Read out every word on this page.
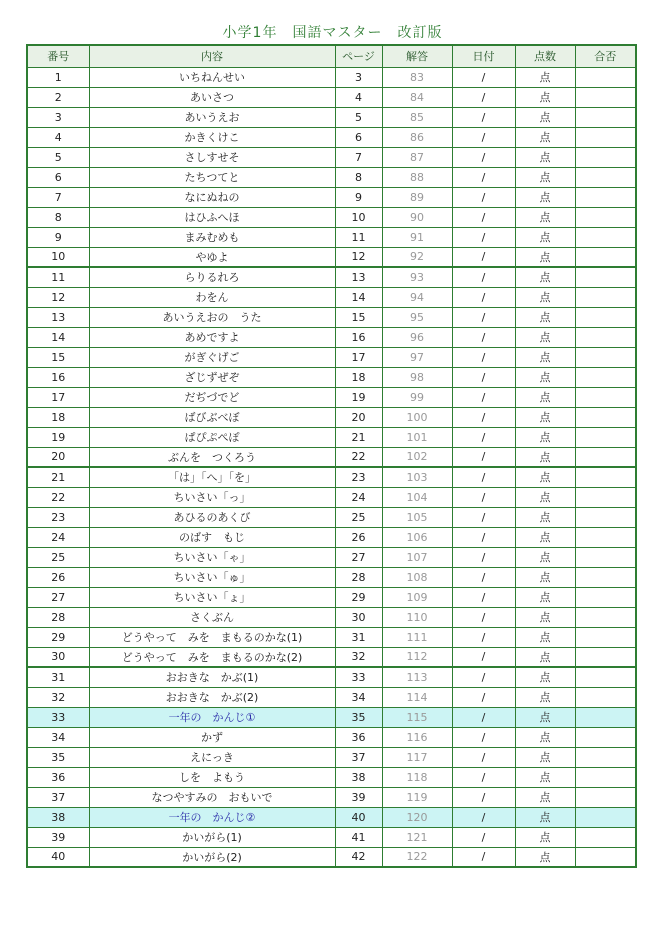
小学1年　国語マスター　改訂版
番号	内容	ページ	解答	日付	点数	合否
1	いちねんせい	3	83	/	点	
2	あいさつ	4	84	/	点	
3	あいうえお	5	85	/	点	
4	かきくけこ	6	86	/	点	
5	さしすせそ	7	87	/	点	
6	たちつてと	8	88	/	点	
7	なにぬねの	9	89	/	点	
8	はひふへほ	10	90	/	点	
9	まみむめも	11	91	/	点	
10	やゆよ	12	92	/	点	
11	らりるれろ	13	93	/	点	
12	わをん	14	94	/	点	
13	あいうえおの　うた	15	95	/	点	
14	あめですよ	16	96	/	点	
15	がぎぐげご	17	97	/	点	
16	ざじずぜぞ	18	98	/	点	
17	だぢづでど	19	99	/	点	
18	ばびぶべぼ	20	100	/	点	
19	ぱぴぷぺぽ	21	101	/	点	
20	ぶんを　つくろう	22	102	/	点	
21	「は」「へ」「を」	23	103	/	点	
22	ちいさい「っ」	24	104	/	点	
23	あひるのあくび	25	105	/	点	
24	のばす　もじ	26	106	/	点	
25	ちいさい「ゃ」	27	107	/	点	
26	ちいさい「ゅ」	28	108	/	点	
27	ちいさい「ょ」	29	109	/	点	
28	さくぶん	30	110	/	点	
29	どうやって　みを　まもるのかな(1)	31	111	/	点	
30	どうやって　みを　まもるのかな(2)	32	112	/	点	
31	おおきな　かぶ(1)	33	113	/	点	
32	おおきな　かぶ(2)	34	114	/	点	
33	一年の　かんじ①	35	115	/	点	
34	かず	36	116	/	点	
35	えにっき	37	117	/	点	
36	しを　よもう	38	118	/	点	
37	なつやすみの　おもいで	39	119	/	点	
38	一年の　かんじ②	40	120	/	点	
39	かいがら(1)	41	121	/	点	
40	かいがら(2)	42	122	/	点	
